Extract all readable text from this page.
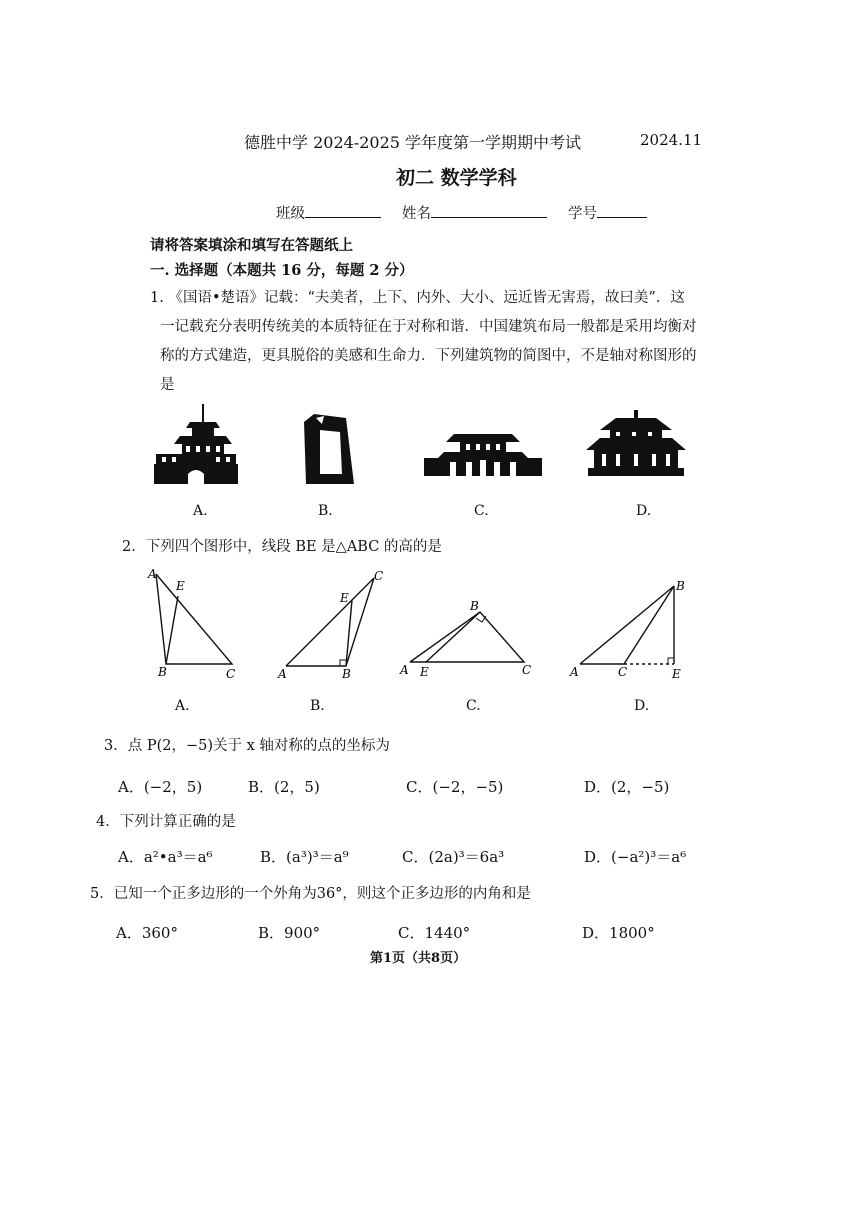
德胜中学 2024-2025 学年度第一学期期中考试	2024.11
初二 数学学科
班级	姓名	学号
请将答案填涂和填写在答题纸上
一. 选择题（本题共 16 分，每题 2 分）
1. 《国语•楚语》记载：“夫美者，上下、内外、大小、远近皆无害焉，故曰美”．这
一记载充分表明传统美的本质特征在于对称和谐．中国建筑布局一般都是采用均衡对
称的方式建造，更具脱俗的美感和生命力．下列建筑物的简图中，不是轴对称图形的
是
A.	B.	C.	D.
2．下列四个图形中，线段 BE 是△ABC 的高的是
A
E
B	C
C
E
A	B
B
A E	C
B
A	C	E
A.	B.	C.	D.
3．点 P(2，−5)关于 x 轴对称的点的坐标为
A．(−2，5)	B．(2，5)	C．(−2，−5)	D．(2，−5)
4．下列计算正确的是
A．a²•a³＝a⁶	B．(a³)³＝a⁹	C．(2a)³＝6a³	D．(−a²)³＝a⁶
5．已知一个正多边形的一个外角为36°，则这个正多边形的内角和是
A．360°	B．900°	C．1440°	D．1800°
第1页（共8页）
